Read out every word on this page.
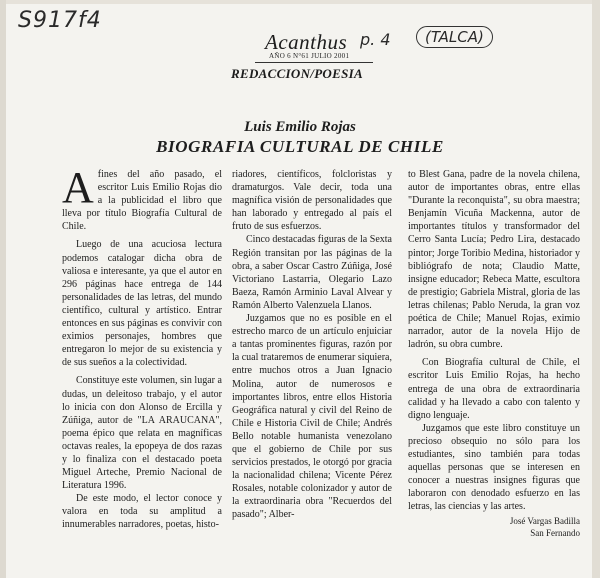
S917f4
p. 4	(TALCA)
Acanthus
AÑO 6 N°61 JULIO 2001
REDACCION/POESIA
Luis Emilio Rojas
BIOGRAFIA CULTURAL DE CHILE

Afines del año pasado, el escritor Luis Emilio Rojas dio a la publicidad el libro que lleva por título Biografía Cultural de Chile.

Luego de una acuciosa lectura podemos catalogar dicha obra de valiosa e interesante, ya que el autor en 296 páginas hace entrega de 144 personalidades de las letras, del mundo científico, cultural y artístico. Entrar entonces en sus páginas es convivir con eximios personajes, hombres que entregaron lo mejor de su existencia y de sus sueños a la colectividad.

Constituye este volumen, sin lugar a dudas, un deleitoso trabajo, y el autor lo inicia con don Alonso de Ercilla y Zúñiga, autor de "LA ARAUCANA", poema épico que relata en magníficas octavas reales, la epopeya de dos razas y lo finaliza con el destacado poeta Miguel Arteche, Premio Nacional de Literatura 1996.

De este modo, el lector conoce y valora en toda su amplitud a innumerables narradores, poetas, histo-

riadores, científicos, folcloristas y dramaturgos. Vale decir, toda una magnífica visión de personalidades que han laborado y entregado al país el fruto de sus esfuerzos.

Cinco destacadas figuras de la Sexta Región transitan por las páginas de la obra, a saber Oscar Castro Zúñiga, José Victoriano Lastarria, Olegario Lazo Baeza, Ramón Arminio Laval Alvear y Ramón Alberto Valenzuela Llanos.

Juzgamos que no es posible en el estrecho marco de un artículo enjuiciar a tantas prominentes figuras, razón por la cual trataremos de enumerar siquiera, entre muchos otros a Juan Ignacio Molina, autor de numerosos e importantes libros, entre ellos Historia Geográfica natural y civil del Reino de Chile e Historia Civil de Chile; Andrés Bello notable humanista venezolano que el gobierno de Chile por sus servicios prestados, le otorgó por gracia la nacionalidad chilena; Vicente Pérez Rosales, notable colonizador y autor de la extraordinaria obra "Recuerdos del pasado"; Alber-

to Blest Gana, padre de la novela chilena, autor de importantes obras, entre ellas "Durante la reconquista", su obra maestra; Benjamín Vicuña Mackenna, autor de importantes títulos y transformador del Cerro Santa Lucía; Pedro Lira, destacado pintor; Jorge Toribio Medina, historiador y bibliógrafo de nota; Claudio Matte, insigne educador; Rebeca Matte, escultora de prestigio; Gabriela Mistral, gloria de las letras chilenas; Pablo Neruda, la gran voz poética de Chile; Manuel Rojas, eximio narrador, autor de la novela Hijo de ladrón, su obra cumbre.

Con Biografía cultural de Chile, el escritor Luis Emilio Rojas, ha hecho entrega de una obra de extraordinaria calidad y ha llevado a cabo con talento y digno lenguaje.

Juzgamos que este libro constituye un precioso obsequio no sólo para los estudiantes, sino también para todas aquellas personas que se interesen en conocer a nuestras insignes figuras que laboraron con denodado esfuerzo en las letras, las ciencias y las artes.

José Vargas Badilla
San Fernando
